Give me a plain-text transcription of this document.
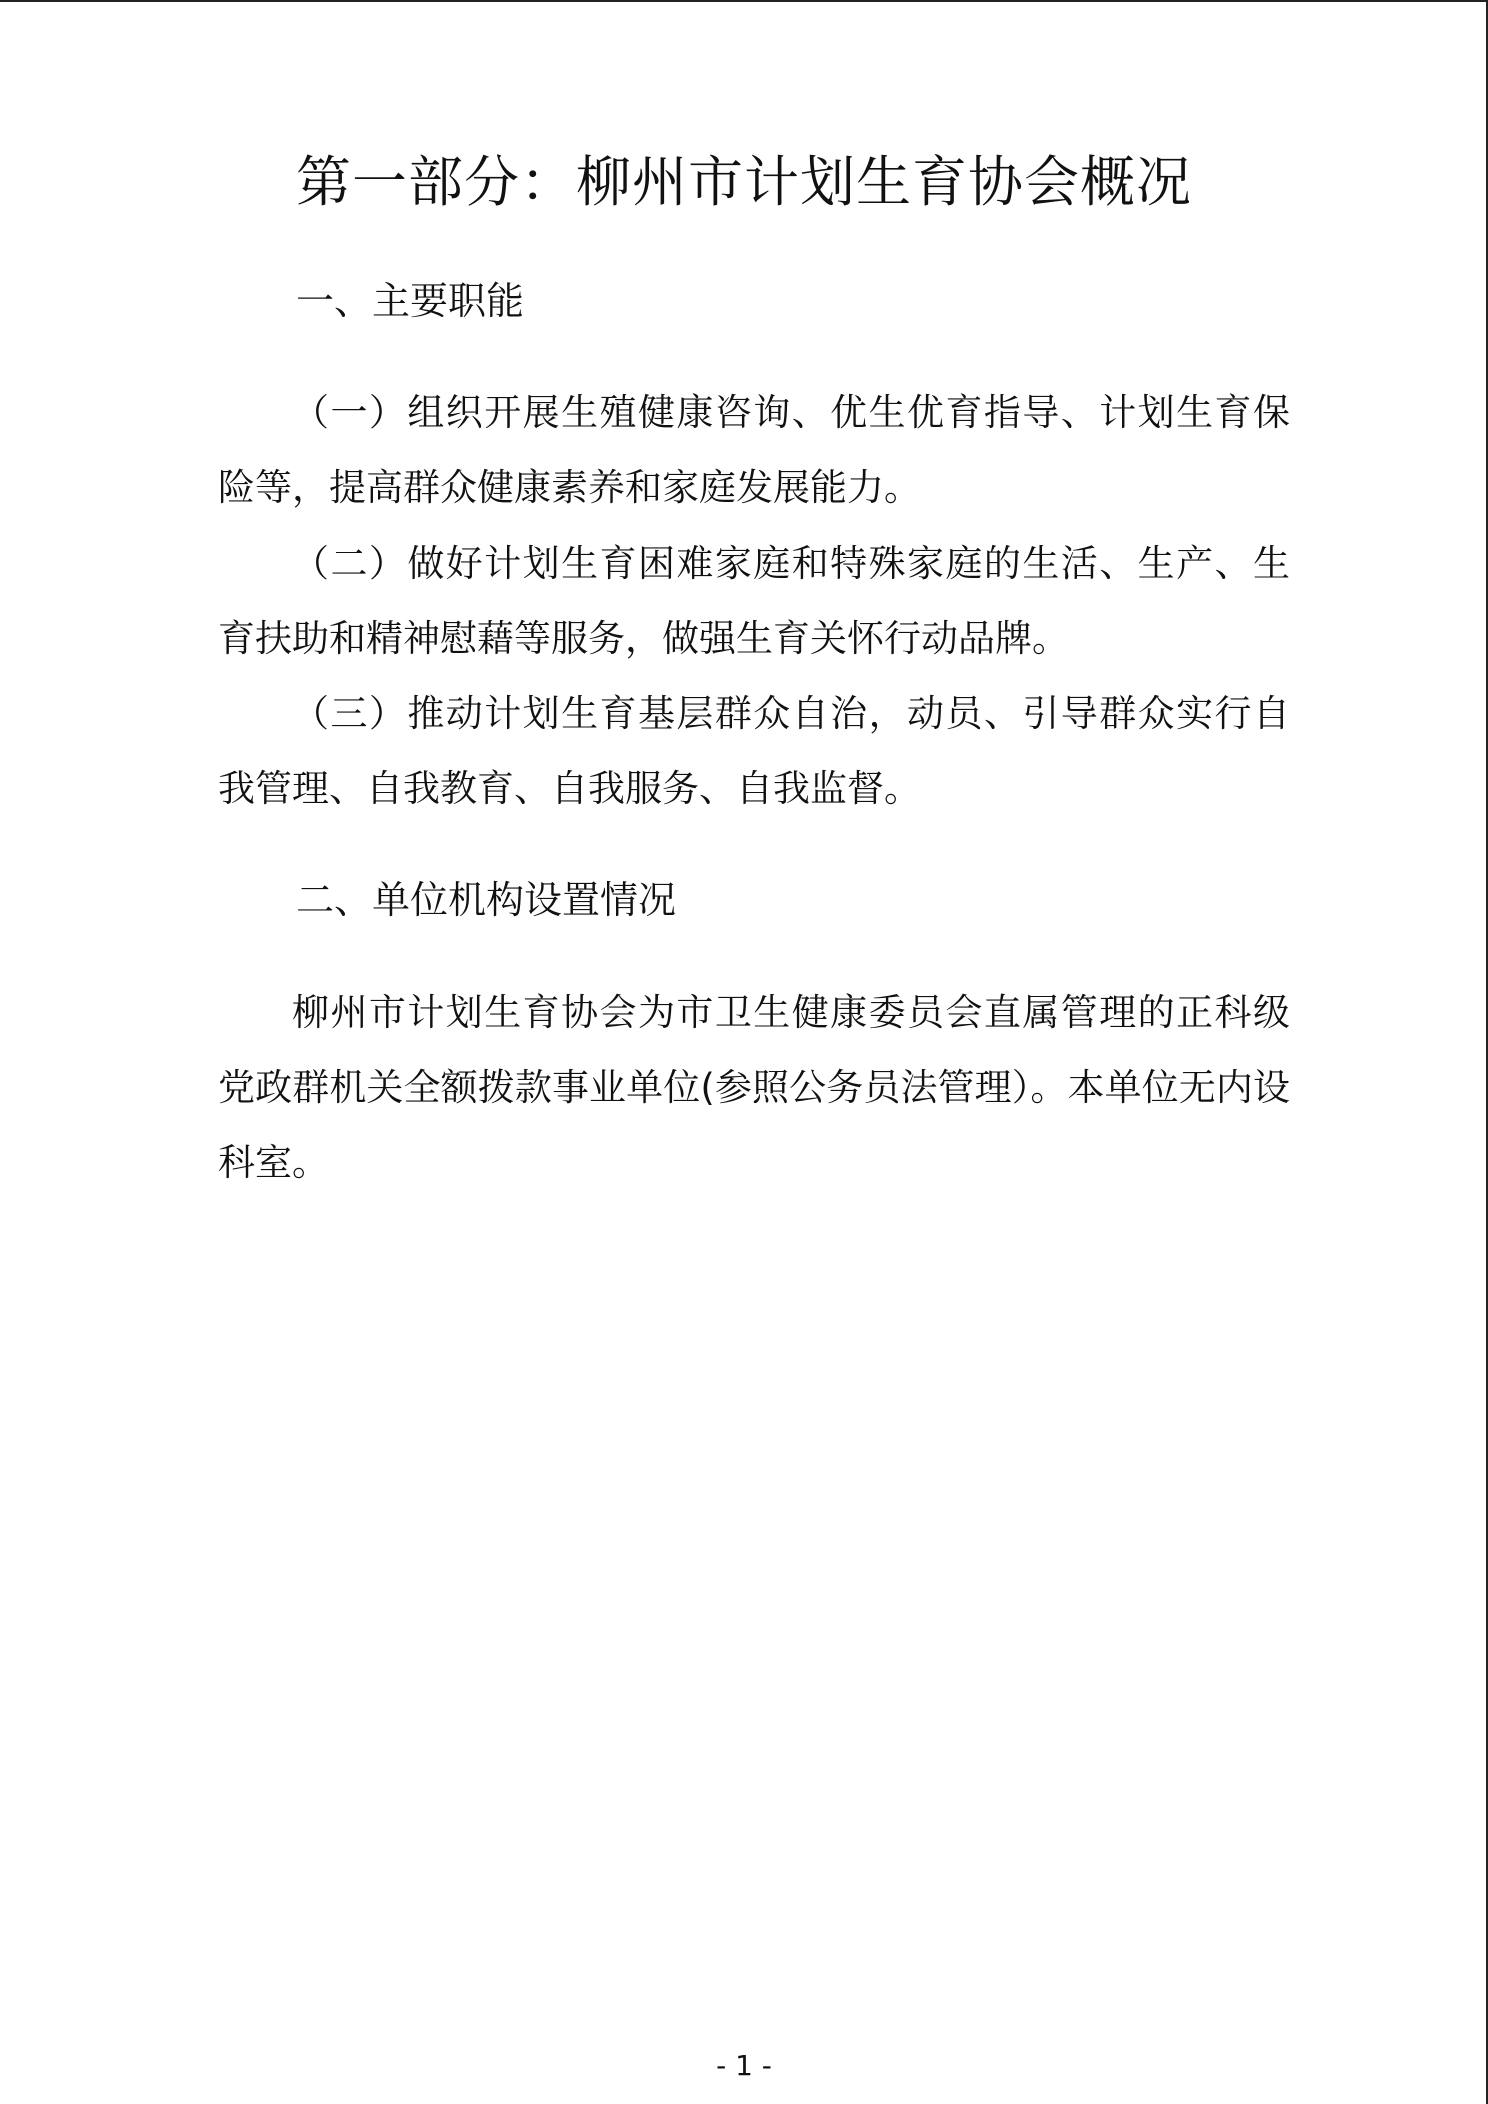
第一部分：柳州市计划生育协会概况
一、主要职能

（一）组织开展生殖健康咨询、优生优育指导、计划生育保险等，提高群众健康素养和家庭发展能力。

（二）做好计划生育困难家庭和特殊家庭的生活、生产、生育扶助和精神慰藉等服务，做强生育关怀行动品牌。

（三）推动计划生育基层群众自治，动员、引导群众实行自我管理、自我教育、自我服务、自我监督。

二、单位机构设置情况

柳州市计划生育协会为市卫生健康委员会直属管理的正科级党政群机关全额拨款事业单位(参照公务员法管理）。本单位无内设科室。

- 1 -
